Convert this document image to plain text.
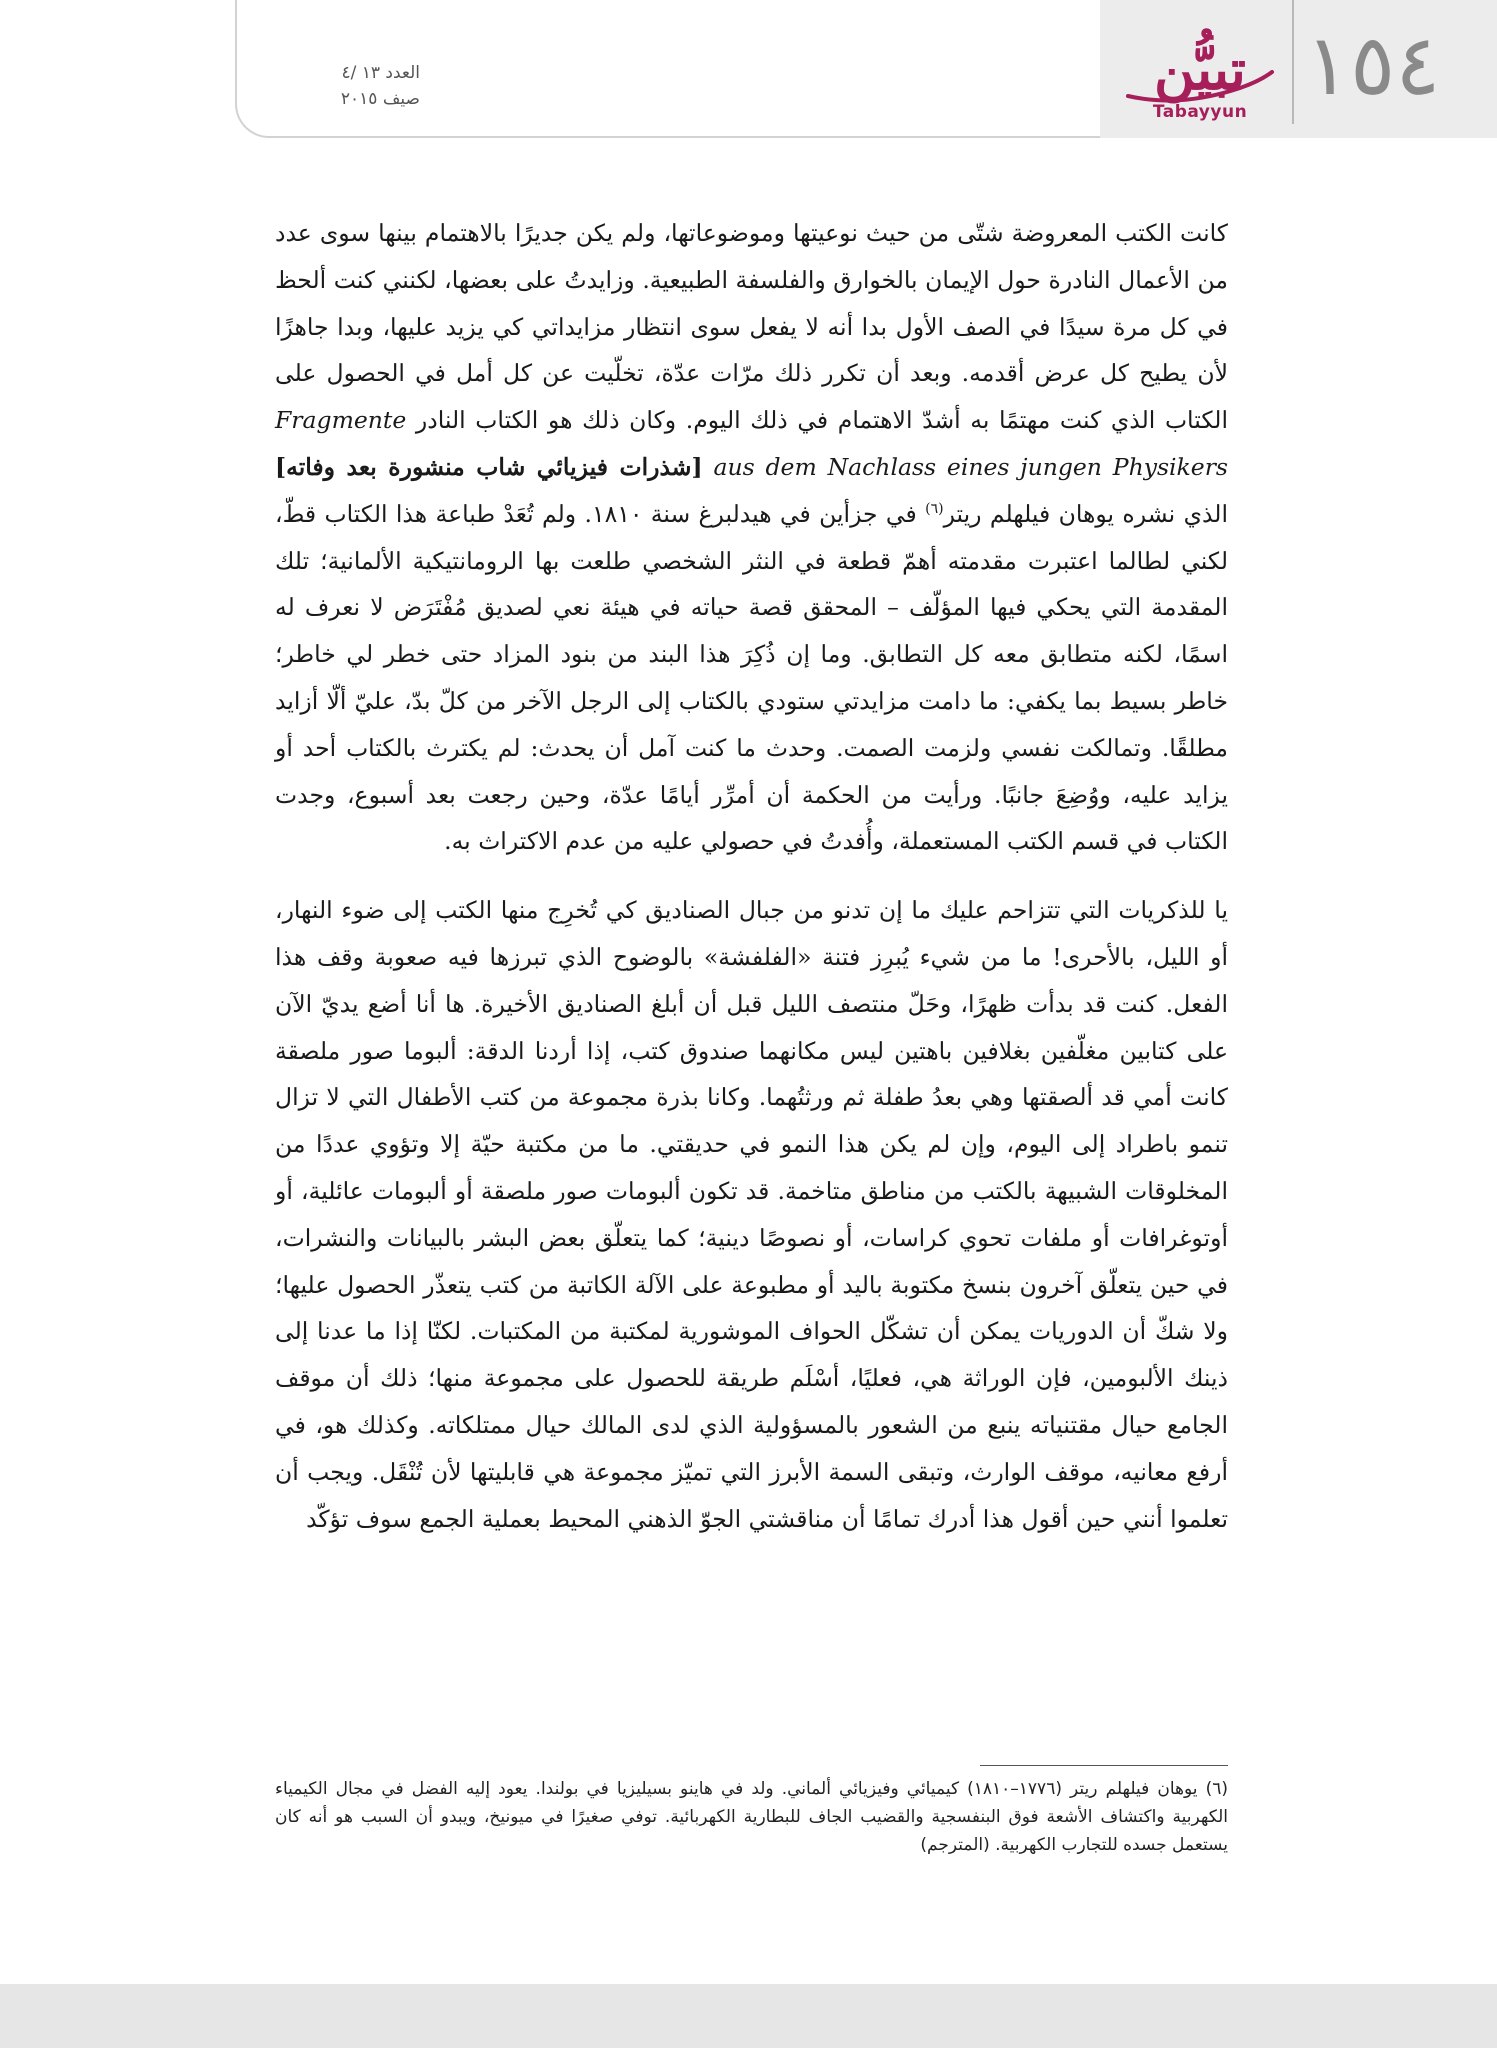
١٥٤
تبيُّن
Tabayyun
العدد ١٣ /٤
صيف ٢٠١٥

كانت الكتب المعروضة شتّى من حيث نوعيتها وموضوعاتها، ولم يكن جديرًا بالاهتمام بينها سوى عدد من الأعمال النادرة حول الإيمان بالخوارق والفلسفة الطبيعية. وزايدتُ على بعضها، لكنني كنت ألحظ في كل مرة سيدًا في الصف الأول بدا أنه لا يفعل سوى انتظار مزايداتي كي يزيد عليها، وبدا جاهزًا لأن يطيح كل عرض أقدمه. وبعد أن تكرر ذلك مرّات عدّة، تخلّيت عن كل أمل في الحصول على الكتاب الذي كنت مهتمًا به أشدّ الاهتمام في ذلك اليوم. وكان ذلك هو الكتاب النادر Fragmente aus dem Nachlass eines jungen Physikers [شذرات فيزيائي شاب منشورة بعد وفاته] الذي نشره يوهان فيلهلم ريتر$^{(٦)}$ في جزأين في هيدلبرغ سنة ١٨١٠. ولم تُعَدْ طباعة هذا الكتاب قطّ، لكني لطالما اعتبرت مقدمته أهمّ قطعة في النثر الشخصي طلعت بها الرومانتيكية الألمانية؛ تلك المقدمة التي يحكي فيها المؤلّف – المحقق قصة حياته في هيئة نعي لصديق مُفْتَرَض لا نعرف له اسمًا، لكنه متطابق معه كل التطابق. وما إن ذُكِرَ هذا البند من بنود المزاد حتى خطر لي خاطر؛ خاطر بسيط بما يكفي: ما دامت مزايدتي ستودي بالكتاب إلى الرجل الآخر من كلّ بدّ، عليّ ألّا أزايد مطلقًا. وتمالكت نفسي ولزمت الصمت. وحدث ما كنت آمل أن يحدث: لم يكترث بالكتاب أحد أو يزايد عليه، ووُضِعَ جانبًا. ورأيت من الحكمة أن أمرِّر أيامًا عدّة، وحين رجعت بعد أسبوع، وجدت الكتاب في قسم الكتب المستعملة، وأُفدتُ في حصولي عليه من عدم الاكتراث به.

يا للذكريات التي تتزاحم عليك ما إن تدنو من جبال الصناديق كي تُخرِج منها الكتب إلى ضوء النهار، أو الليل، بالأحرى! ما من شيء يُبرِز فتنة «الفلفشة» بالوضوح الذي تبرزها فيه صعوبة وقف هذا الفعل. كنت قد بدأت ظهرًا، وحَلّ منتصف الليل قبل أن أبلغ الصناديق الأخيرة. ها أنا أضع يديّ الآن على كتابين مغلّفين بغلافين باهتين ليس مكانهما صندوق كتب، إذا أردنا الدقة: ألبوما صور ملصقة كانت أمي قد ألصقتها وهي بعدُ طفلة ثم ورثتُهما. وكانا بذرة مجموعة من كتب الأطفال التي لا تزال تنمو باطراد إلى اليوم، وإن لم يكن هذا النمو في حديقتي. ما من مكتبة حيّة إلا وتؤوي عددًا من المخلوقات الشبيهة بالكتب من مناطق متاخمة. قد تكون ألبومات صور ملصقة أو ألبومات عائلية، أو أوتوغرافات أو ملفات تحوي كراسات، أو نصوصًا دينية؛ كما يتعلّق بعض البشر بالبيانات والنشرات، في حين يتعلّق آخرون بنسخ مكتوبة باليد أو مطبوعة على الآلة الكاتبة من كتب يتعذّر الحصول عليها؛ ولا شكّ أن الدوريات يمكن أن تشكّل الحواف الموشورية لمكتبة من المكتبات. لكنّا إذا ما عدنا إلى ذينك الألبومين، فإن الوراثة هي، فعليًا، أسْلَم طريقة للحصول على مجموعة منها؛ ذلك أن موقف الجامع حيال مقتنياته ينبع من الشعور بالمسؤولية الذي لدى المالك حيال ممتلكاته. وكذلك هو، في أرفع معانيه، موقف الوارث، وتبقى السمة الأبرز التي تميّز مجموعة هي قابليتها لأن تُنْقَل. ويجب أن تعلموا أنني حين أقول هذا أدرك تمامًا أن مناقشتي الجوّ الذهني المحيط بعملية الجمع سوف تؤكّد

(٦) يوهان فيلهلم ريتر (١٧٧٦–١٨١٠) كيميائي وفيزيائي ألماني. ولد في هاينو بسيليزيا في بولندا. يعود إليه الفضل في مجال الكيمياء الكهربية واكتشاف الأشعة فوق البنفسجية والقضيب الجاف للبطارية الكهربائية. توفي صغيرًا في ميونيخ، ويبدو أن السبب هو أنه كان يستعمل جسده للتجارب الكهربية. (المترجم)
